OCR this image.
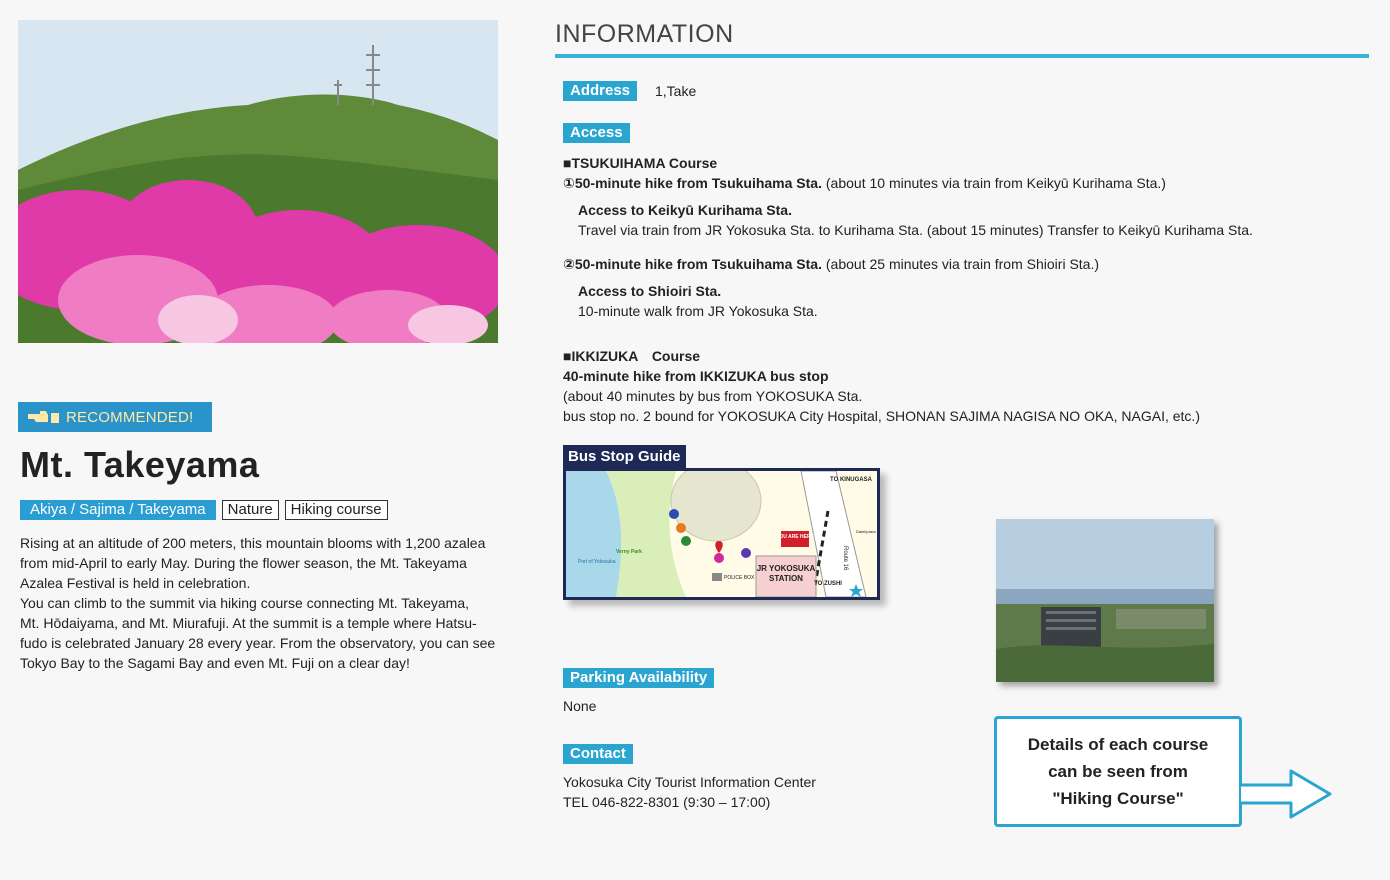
RECOMMENDED!
Mt. Takeyama
Akiya / Sajima / Takeyama	Nature	Hiking course
Rising at an altitude of 200 meters, this mountain blooms with 1,200 azalea
from mid-April to early May. During the flower season, the Mt. Takeyama
Azalea Festival is held in celebration.
You can climb to the summit via hiking course connecting Mt. Takeyama,
Mt. Hōdaiyama, and Mt. Miurafuji. At the summit is a temple where Hatsu-
fudo is celebrated January 28 every year. From the observatory, you can see
Tokyo Bay to the Sagami Bay and even Mt. Fuji on a clear day!
INFORMATION
Address	1,Take
Access
■TSUKUIHAMA Course
①50-minute hike from Tsukuihama Sta. (about 10 minutes via train from Keikyū Kurihama Sta.)
Access to Keikyū Kurihama Sta.
Travel via train from JR Yokosuka Sta. to Kurihama Sta. (about 15 minutes) Transfer to Keikyū Kurihama Sta.
②50-minute hike from Tsukuihama Sta. (about 25 minutes via train from Shioiri Sta.)
Access to Shioiri Sta.
10-minute walk from JR Yokosuka Sta.
■IKKIZUKA　Course
40-minute hike from IKKIZUKA bus stop
(about 40 minutes by bus from YOKOSUKA Sta.
bus stop no. 2 bound for YOKOSUKA City Hospital, SHONAN SAJIMA NAGISA NO OKA, NAGAI, etc.)
Bus Stop Guide
JR YOKOSUKA
STATION
YOU ARE HERE
TO KINUGASA
TO ZUSHI
Route 16
Port of Yokosuka
Verny Park
POLICE BOX
Daiei/pasio
Parking Availability
None
Contact
Yokosuka City Tourist Information Center
TEL 046-822-8301 (9:30 – 17:00)
Details of each course
can be seen from
"Hiking Course"
